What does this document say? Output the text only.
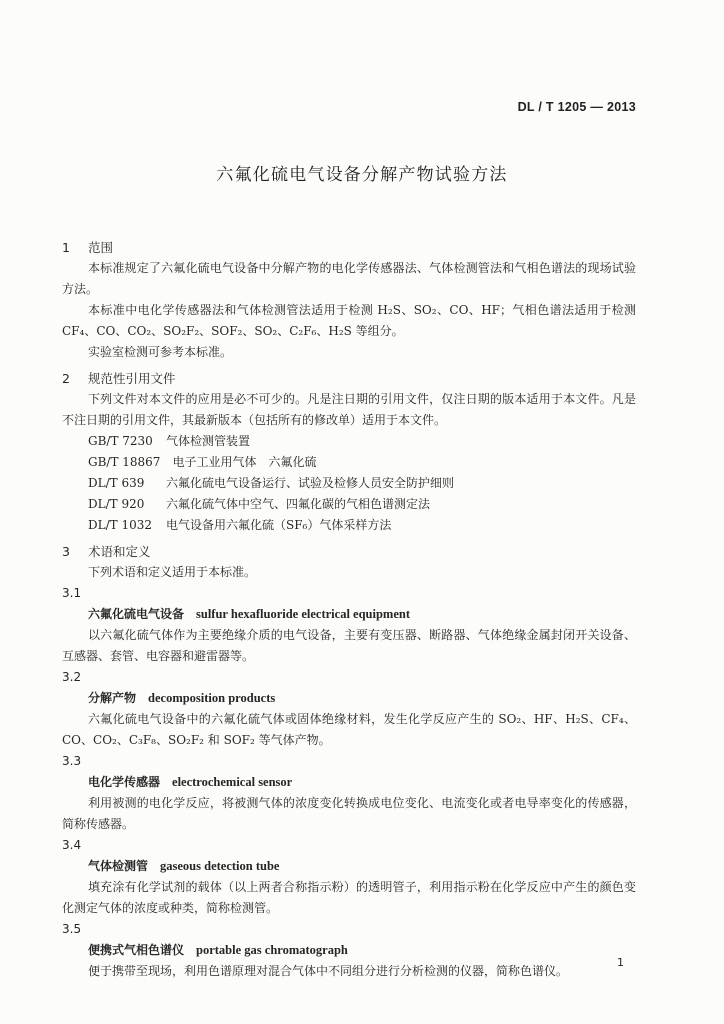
DL / T 1205 — 2013
六氟化硫电气设备分解产物试验方法
1 范围
本标准规定了六氟化硫电气设备中分解产物的电化学传感器法、气体检测管法和气相色谱法的现场试验方法。
本标准中电化学传感器法和气体检测管法适用于检测 H₂S、SO₂、CO、HF；气相色谱法适用于检测 CF₄、CO、CO₂、SO₂F₂、SOF₂、SO₂、C₂F₆、H₂S 等组分。
实验室检测可参考本标准。
2 规范性引用文件
下列文件对本文件的应用是必不可少的。凡是注日期的引用文件，仅注日期的版本适用于本文件。凡是不注日期的引用文件，其最新版本（包括所有的修改单）适用于本文件。
GB/T 7230 气体检测管装置
GB/T 18867 电子工业用气体　六氟化硫
DL/T 639 六氟化硫电气设备运行、试验及检修人员安全防护细则
DL/T 920 六氟化硫气体中空气、四氟化碳的气相色谱测定法
DL/T 1032 电气设备用六氟化硫（SF₆）气体采样方法
3 术语和定义
下列术语和定义适用于本标准。
3.1
六氟化硫电气设备 sulfur hexafluoride electrical equipment
以六氟化硫气体作为主要绝缘介质的电气设备，主要有变压器、断路器、气体绝缘金属封闭开关设备、互感器、套管、电容器和避雷器等。
3.2
分解产物 decomposition products
六氟化硫电气设备中的六氟化硫气体或固体绝缘材料，发生化学反应产生的 SO₂、HF、H₂S、CF₄、CO、CO₂、C₃F₈、SO₂F₂ 和 SOF₂ 等气体产物。
3.3
电化学传感器 electrochemical sensor
利用被测的电化学反应，将被测气体的浓度变化转换成电位变化、电流变化或者电导率变化的传感器，简称传感器。
3.4
气体检测管 gaseous detection tube
填充涂有化学试剂的载体（以上两者合称指示粉）的透明管子，利用指示粉在化学反应中产生的颜色变化测定气体的浓度或种类，简称检测管。
3.5
便携式气相色谱仪 portable gas chromatograph
便于携带至现场，利用色谱原理对混合气体中不同组分进行分析检测的仪器，简称色谱仪。
1
